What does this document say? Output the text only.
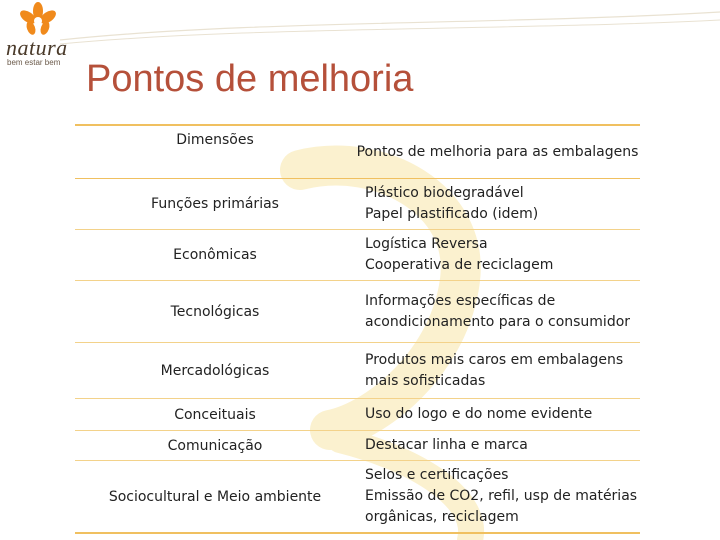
natura
bem estar bem Pontos de melhoria
Dimensões	Pontos de melhoria para as embalagens
Funções primárias	Plástico biodegradável
Papel plastificado (idem)

Econômicas	Logística Reversa
Cooperativa de reciclagem

Tecnológicas	Informações específicas de acondicionamento para o consumidor

Mercadológicas	Produtos mais caros em embalagens mais sofisticadas

Conceituais	Uso do logo e do nome evidente

Comunicação	Destacar linha e marca

Sociocultural e Meio ambiente	Selos e certificações
Emissão de CO2, refil, usp de matérias orgânicas, reciclagem
